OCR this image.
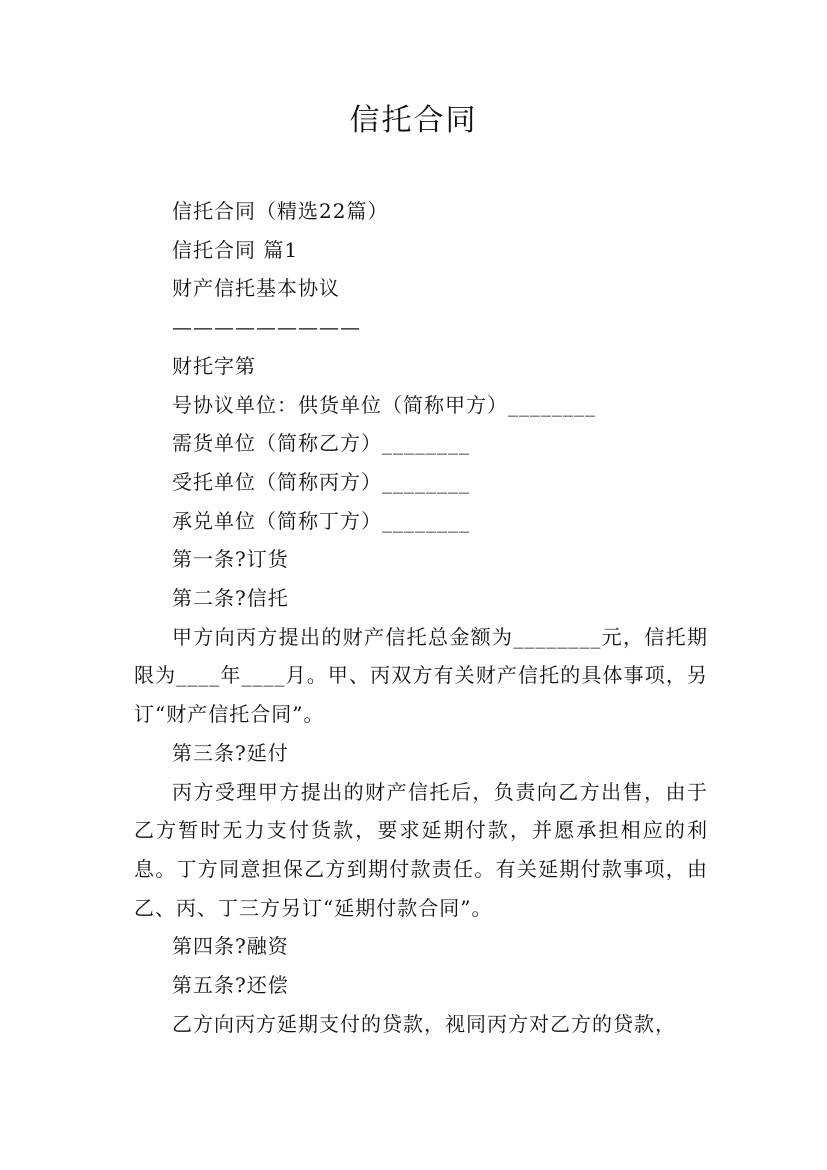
信托合同
信托合同（精选22篇）
信托合同 篇1
财产信托基本协议
—————————
财托字第
号协议单位：供货单位（简称甲方）________
需货单位（简称乙方）________
受托单位（简称丙方）________
承兑单位（简称丁方）________
第一条?订货
第二条?信托
甲方向丙方提出的财产信托总金额为________元，信托期限为____年____月。甲、丙双方有关财产信托的具体事项，另订“财产信托合同”。
第三条?延付
丙方受理甲方提出的财产信托后，负责向乙方出售，由于乙方暂时无力支付货款，要求延期付款，并愿承担相应的利息。丁方同意担保乙方到期付款责任。有关延期付款事项，由乙、丙、丁三方另订“延期付款合同”。
第四条?融资
第五条?还偿
乙方向丙方延期支付的贷款，视同丙方对乙方的贷款，
